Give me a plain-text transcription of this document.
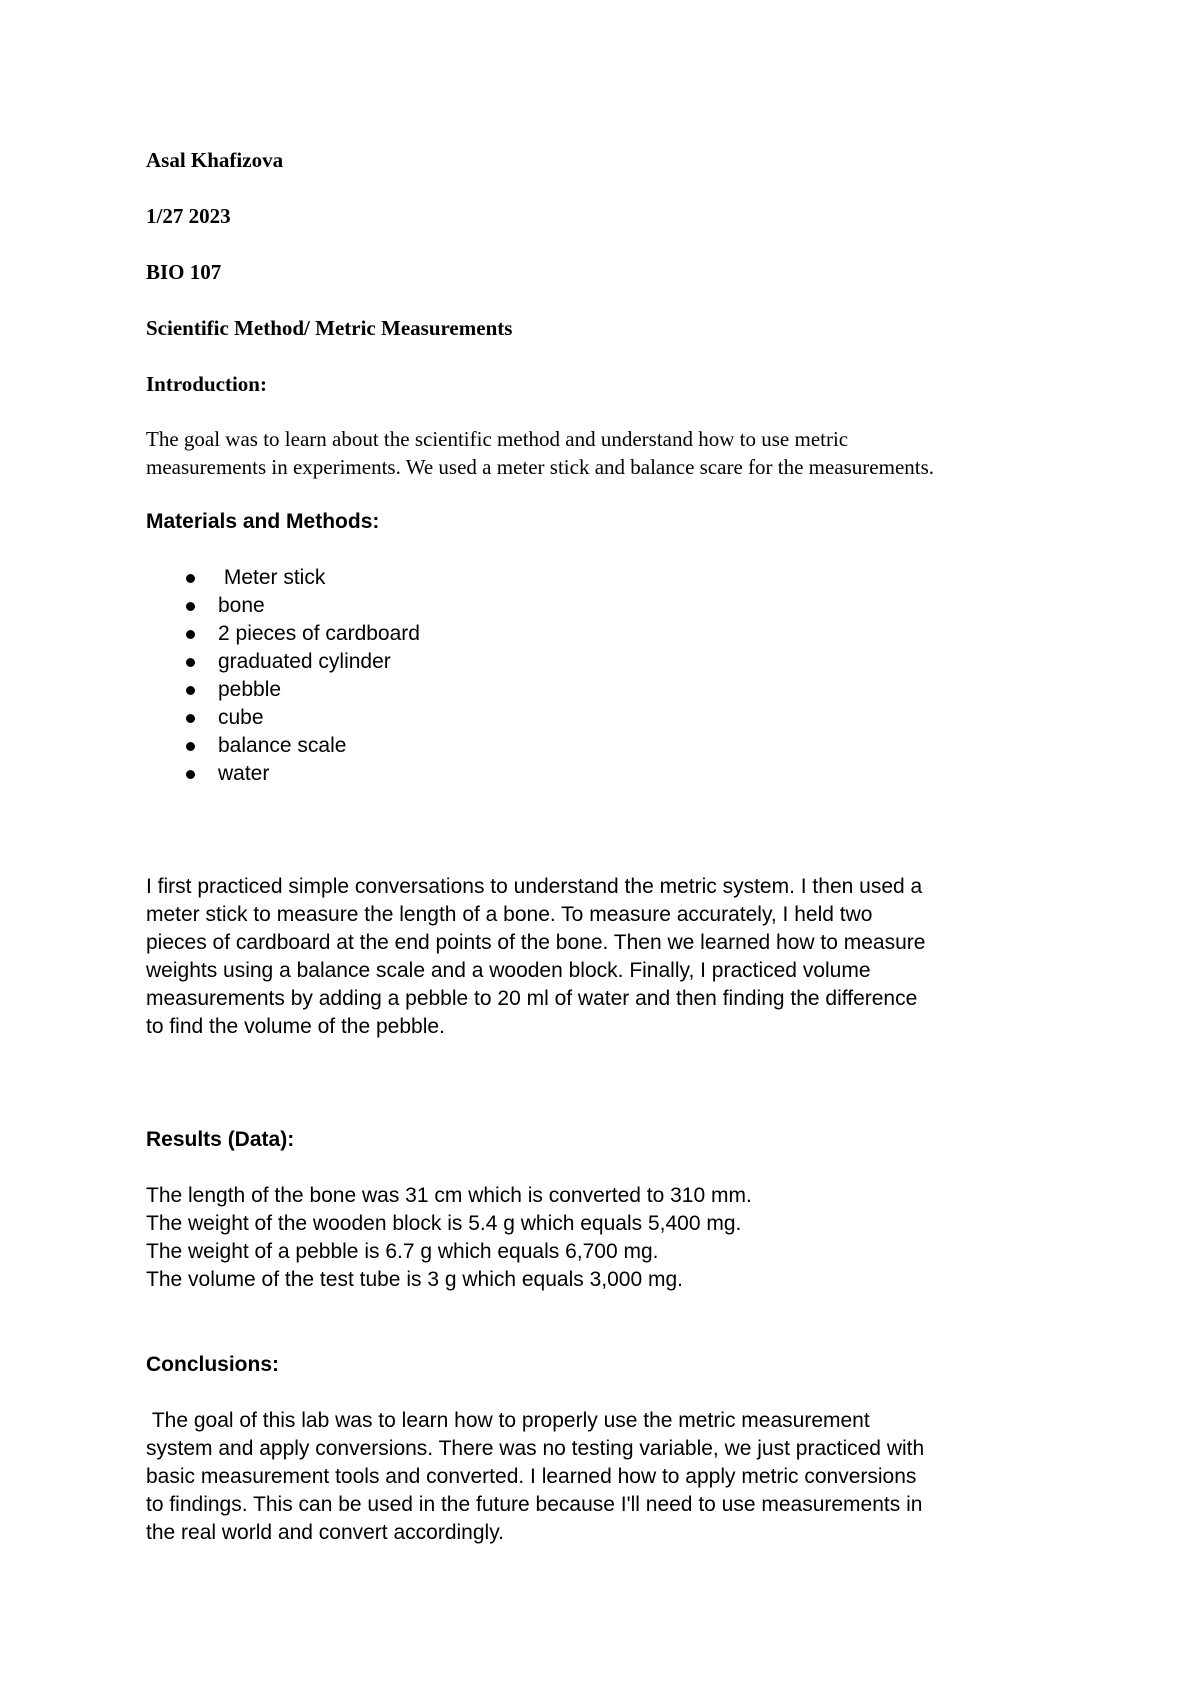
Asal Khafizova
1/27 2023
BIO 107
Scientific Method/ Metric Measurements
Introduction:
The goal was to learn about the scientific method and understand how to use metric
measurements in experiments. We used a meter stick and balance scare for the measurements.
Materials and Methods:
Meter stick
bone
2 pieces of cardboard
graduated cylinder
pebble
cube
balance scale
water
I first practiced simple conversations to understand the metric system. I then used a
meter stick to measure the length of a bone. To measure accurately, I held two
pieces of cardboard at the end points of the bone. Then we learned how to measure
weights using a balance scale and a wooden block. Finally, I practiced volume
measurements by adding a pebble to 20 ml of water and then finding the difference
to find the volume of the pebble.
Results (Data):
The length of the bone was 31 cm which is converted to 310 mm.
The weight of the wooden block is 5.4 g which equals 5,400 mg.
The weight of a pebble is 6.7 g which equals 6,700 mg.
The volume of the test tube is 3 g which equals 3,000 mg.
Conclusions:
The goal of this lab was to learn how to properly use the metric measurement
system and apply conversions. There was no testing variable, we just practiced with
basic measurement tools and converted. I learned how to apply metric conversions
to findings. This can be used in the future because I'll need to use measurements in
the real world and convert accordingly.
